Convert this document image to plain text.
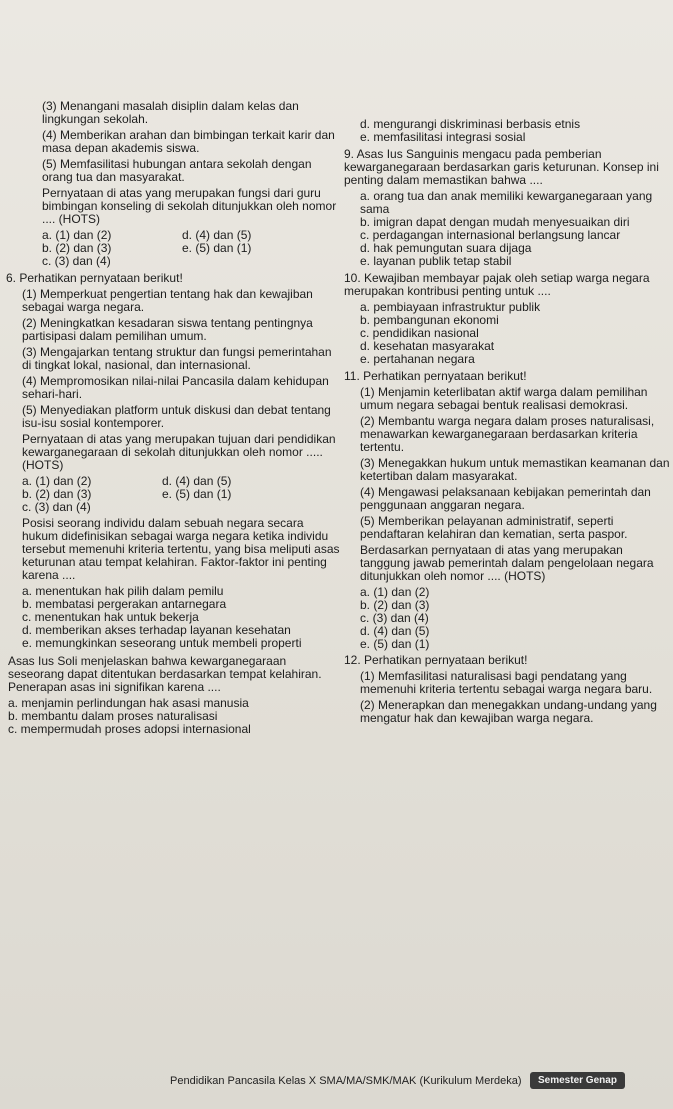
(3) Menangani masalah disiplin dalam kelas dan lingkungan sekolah.
(4) Memberikan arahan dan bimbingan terkait karir dan masa depan akademis siswa.
(5) Memfasilitasi hubungan antara sekolah dengan orang tua dan masyarakat.
Pernyataan di atas yang merupakan fungsi dari guru bimbingan konseling di sekolah ditunjukkan oleh nomor .... (HOTS)
a. (1) dan (2)	d. (4) dan (5)
b. (2) dan (3)	e. (5) dan (1)
c. (3) dan (4)
6. Perhatikan pernyataan berikut!
(1) Memperkuat pengertian tentang hak dan kewajiban sebagai warga negara.
(2) Meningkatkan kesadaran siswa tentang pentingnya partisipasi dalam pemilihan umum.
(3) Mengajarkan tentang struktur dan fungsi pemerintahan di tingkat lokal, nasional, dan internasional.
(4) Mempromosikan nilai-nilai Pancasila dalam kehidupan sehari-hari.
(5) Menyediakan platform untuk diskusi dan debat tentang isu-isu sosial kontemporer.
Pernyataan di atas yang merupakan tujuan dari pendidikan kewarganegaraan di sekolah ditunjukkan oleh nomor ..... (HOTS)
a. (1) dan (2)	d. (4) dan (5)
b. (2) dan (3)	e. (5) dan (1)
c. (3) dan (4)
Posisi seorang individu dalam sebuah negara secara hukum didefinisikan sebagai warga negara ketika individu tersebut memenuhi kriteria tertentu, yang bisa meliputi asas keturunan atau tempat kelahiran. Faktor-faktor ini penting karena ....
a. menentukan hak pilih dalam pemilu
b. membatasi pergerakan antarnegara
c. menentukan hak untuk bekerja
d. memberikan akses terhadap layanan kesehatan
e. memungkinkan seseorang untuk membeli properti
Asas Ius Soli menjelaskan bahwa kewarganegaraan seseorang dapat ditentukan berdasarkan tempat kelahiran. Penerapan asas ini signifikan karena ....
a. menjamin perlindungan hak asasi manusia
b. membantu dalam proses naturalisasi
c. mempermudah proses adopsi internasional
d. mengurangi diskriminasi berbasis etnis
e. memfasilitasi integrasi sosial
9. Asas Ius Sanguinis mengacu pada pemberian kewarganegaraan berdasarkan garis keturunan. Konsep ini penting dalam memastikan bahwa ....
a. orang tua dan anak memiliki kewarganegaraan yang sama
b. imigran dapat dengan mudah menyesuaikan diri
c. perdagangan internasional berlangsung lancar
d. hak pemungutan suara dijaga
e. layanan publik tetap stabil
10. Kewajiban membayar pajak oleh setiap warga negara merupakan kontribusi penting untuk ....
a. pembiayaan infrastruktur publik
b. pembangunan ekonomi
c. pendidikan nasional
d. kesehatan masyarakat
e. pertahanan negara
11. Perhatikan pernyataan berikut!
(1) Menjamin keterlibatan aktif warga dalam pemilihan umum negara sebagai bentuk realisasi demokrasi.
(2) Membantu warga negara dalam proses naturalisasi, menawarkan kewarganegaraan berdasarkan kriteria tertentu.
(3) Menegakkan hukum untuk memastikan keamanan dan ketertiban dalam masyarakat.
(4) Mengawasi pelaksanaan kebijakan pemerintah dan penggunaan anggaran negara.
(5) Memberikan pelayanan administratif, seperti pendaftaran kelahiran dan kematian, serta paspor.
Berdasarkan pernyataan di atas yang merupakan tanggung jawab pemerintah dalam pengelolaan negara ditunjukkan oleh nomor .... (HOTS)
a. (1) dan (2)
b. (2) dan (3)
c. (3) dan (4)
d. (4) dan (5)
e. (5) dan (1)
12. Perhatikan pernyataan berikut!
(1) Memfasilitasi naturalisasi bagi pendatang yang memenuhi kriteria tertentu sebagai warga negara baru.
(2) Menerapkan dan menegakkan undang-undang yang mengatur hak dan kewajiban warga negara.
Pendidikan Pancasila Kelas X SMA/MA/SMK/MAK (Kurikulum Merdeka)	Semester Genap
